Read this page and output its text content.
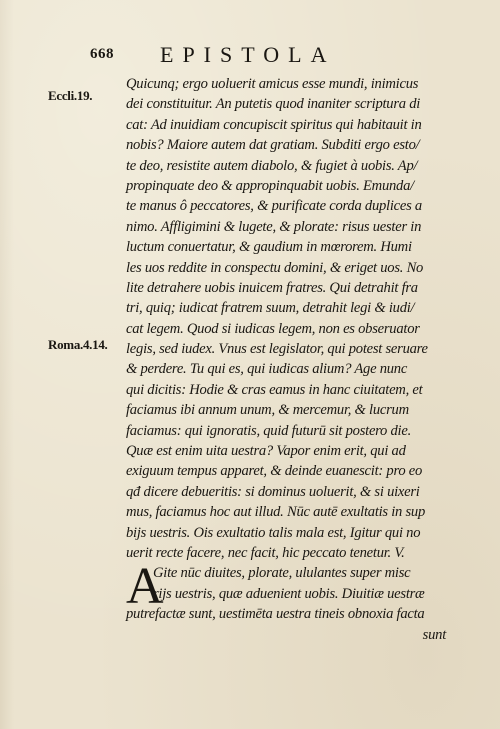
668 EPISTOLA
Eccli.19.
Roma.4.14.
Quicunq; ergo uoluerit amicus esse mundi, inimicus
dei constituitur. An putetis quod inaniter scriptura di
cat: Ad inuidiam concupiscit spiritus qui habitauit in
nobis? Maiore autem dat gratiam. Subditi ergo esto/
te deo, resistite autem diabolo, & fugiet à uobis. Ap/
propinquate deo & appropinquabit uobis. Emunda/
te manus ô peccatores, & purificate corda duplices a
nimo. Affligimini & lugete, & plorate: risus uester in
luctum conuertatur, & gaudium in mœrorem. Humi
les uos reddite in conspectu domini, & eriget uos. No
lite detrahere uobis inuicem fratres. Qui detrahit fra
tri, quiq; iudicat fratrem suum, detrahit legi & iudi/
cat legem. Quod si iudicas legem, non es obseruator
legis, sed iudex. Vnus est legislator, qui potest seruare
& perdere. Tu qui es, qui iudicas alium? Age nunc
qui dicitis: Hodie & cras eamus in hanc ciuitatem, et
faciamus ibi annum unum, & mercemur, & lucrum
faciamus: qui ignoratis, quid futurū sit postero die.
Quæ est enim uita uestra? Vapor enim erit, qui ad
exiguum tempus apparet, & deinde euanescit: pro eo
qđ dicere debueritis: si dominus uoluerit, & si uixeri
mus, faciamus hoc aut illud. Nūc autē exultatis in sup
bijs uestris. Ois exultatio talis mala est, Igitur qui no
uerit recte facere, nec facit, hic peccato tenetur. V.
A
Gite nūc diuites, plorate, ululantes super misc
rijs uestris, quæ aduenient uobis. Diuitiæ uestræ
putrefactæ sunt, uestimēta uestra tineis obnoxia facta
sunt
